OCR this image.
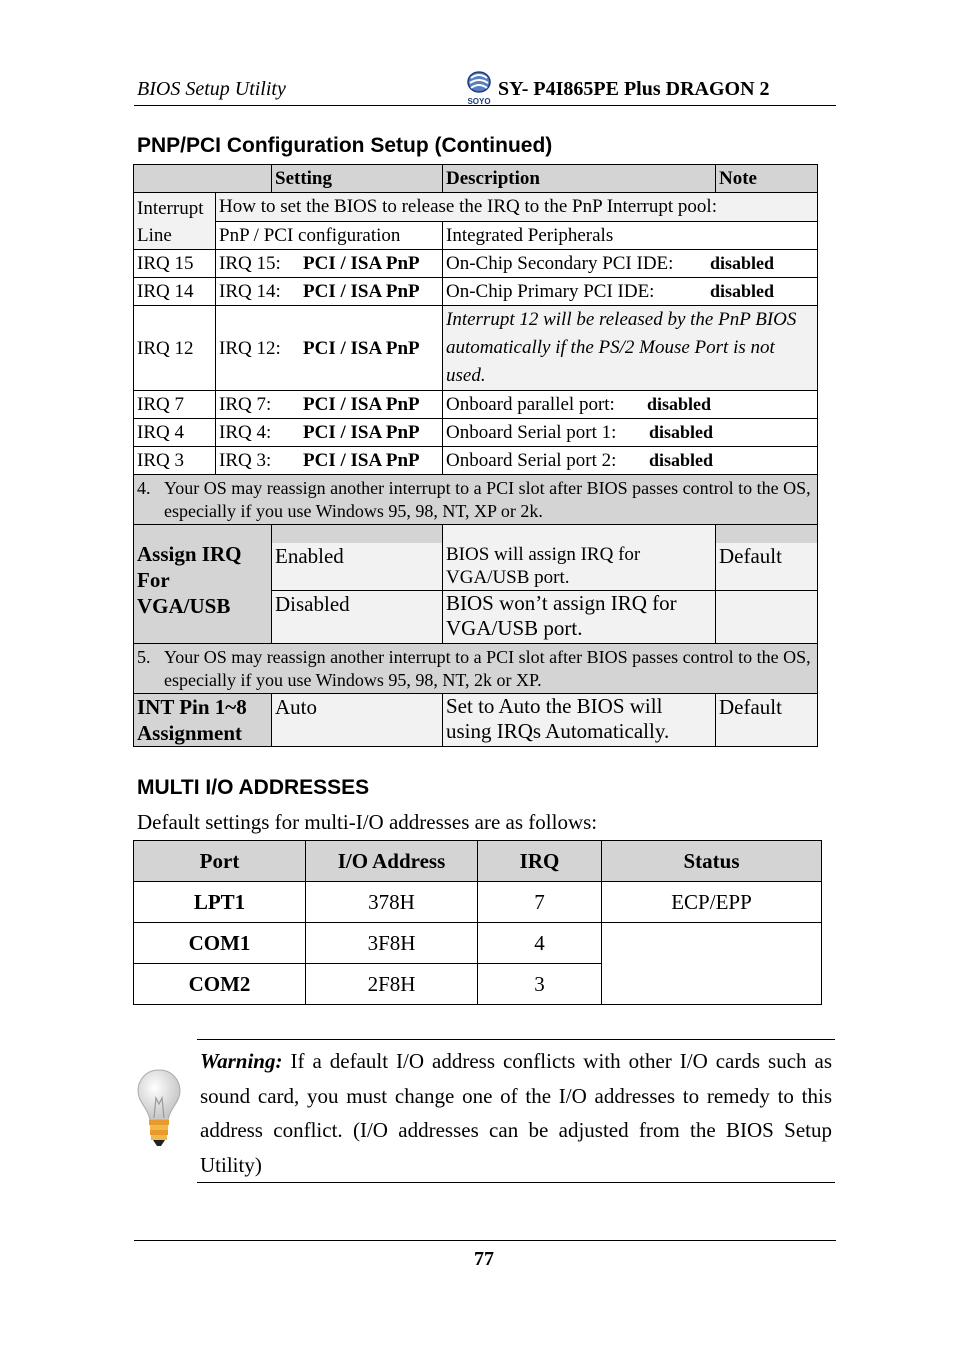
BIOS Setup Utility
SOYO
SY- P4I865PE Plus DRAGON 2
PNP/PCI Configuration Setup (Continued)
		Setting	Description	Note
Interrupt
Line	How to set the BIOS to release the IRQ to the PnP Interrupt pool:			
	PnP / PCI configuration		Integrated Peripherals	
IRQ 15	IRQ 15: PCI / ISA PnP		On-Chip Secondary PCI IDE: disabled	
IRQ 14	IRQ 14: PCI / ISA PnP		On-Chip Primary PCI IDE: disabled	
IRQ 12	IRQ 12: PCI / ISA PnP		Interrupt 12 will be released by the PnP BIOS automatically if the PS/2 Mouse Port is not used.	
IRQ 7	IRQ 7: PCI / ISA PnP		Onboard parallel port: disabled	
IRQ 4	IRQ 4: PCI / ISA PnP		Onboard Serial port 1: disabled	
IRQ 3	IRQ 3: PCI / ISA PnP		Onboard Serial port 2: disabled	

4. Your OS may reassign another interrupt to a PCI slot after BIOS passes control to the OS, especially if you use Windows 95, 98, NT, XP or 2k.				

Assign IRQ For VGA/USB				

		Enabled	BIOS will assign IRQ for VGA/USB port.	Default
		Disabled	BIOS won’t assign IRQ for VGA/USB port.	

5. Your OS may reassign another interrupt to a PCI slot after BIOS passes control to the OS, especially if you use Windows 95, 98, NT, 2k or XP.				

INT Pin 1~8 Assignment		Auto	Set to Auto the BIOS will using IRQs Automatically.	Default
MULTI I/O ADDRESSES
Default settings for multi-I/O addresses are as follows:
Port	I/O Address	IRQ	Status
LPT1	378H	7	ECP/EPP
COM1	3F8H	4	
COM2	2F8H	3	
Warning: If a default I/O address conflicts with other I/O cards such as sound card, you must change one of the I/O addresses to remedy to this address conflict. (I/O addresses can be adjusted from the BIOS Setup Utility)
77
